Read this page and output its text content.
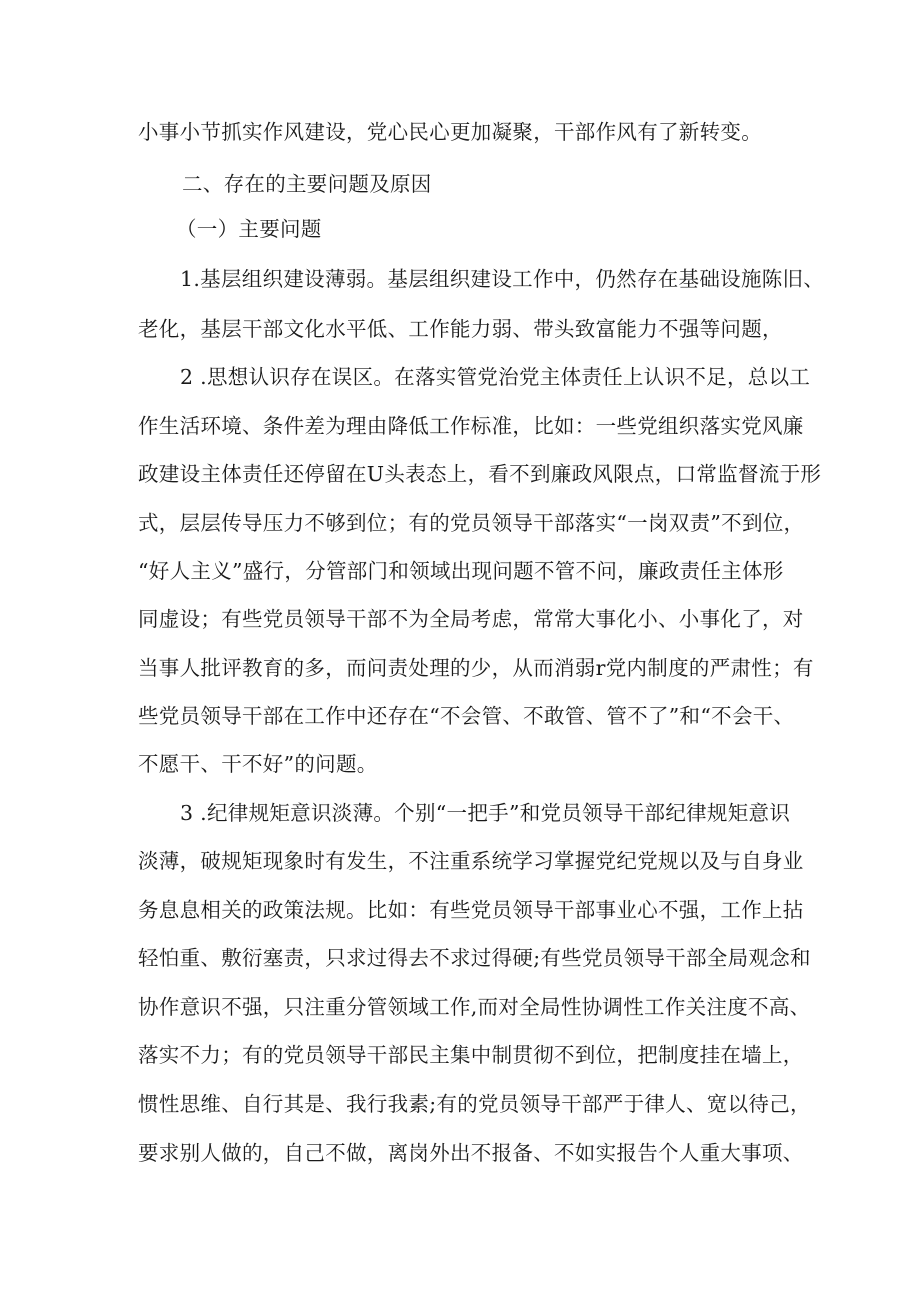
小事小节抓实作风建设，党心民心更加凝聚，干部作风有了新转变。
二、存在的主要问题及原因
（一）主要问题
1.基层组织建设薄弱。基层组织建设工作中，仍然存在基础设施陈旧、
老化，基层干部文化水平低、工作能力弱、带头致富能力不强等问题，
2 .思想认识存在误区。在落实管党治党主体责任上认识不足，总以工
作生活环境、条件差为理由降低工作标准，比如：一些党组织落实党风廉
政建设主体责任还停留在U头表态上，看不到廉政风限点，口常监督流于形
式，层层传导压力不够到位；有的党员领导干部落实“一岗双责”不到位，
“好人主义”盛行，分管部门和领域出现问题不管不问，廉政责任主体形
同虚设；有些党员领导干部不为全局考虑，常常大事化小、小事化了，对
当事人批评教育的多，而问责处理的少，从而消弱r党内制度的严肃性；有
些党员领导干部在工作中还存在“不会管、不敢管、管不了”和“不会干、
不愿干、干不好”的问题。
3 .纪律规矩意识淡薄。个别“一把手”和党员领导干部纪律规矩意识
淡薄，破规矩现象时有发生，不注重系统学习掌握党纪党规以及与自身业
务息息相关的政策法规。比如：有些党员领导干部事业心不强，工作上拈
轻怕重、敷衍塞责，只求过得去不求过得硬;有些党员领导干部全局观念和
协作意识不强，只注重分管领域工作,而对全局性协调性工作关注度不高、
落实不力；有的党员领导干部民主集中制贯彻不到位，把制度挂在墙上，
惯性思维、自行其是、我行我素;有的党员领导干部严于律人、宽以待己，
要求别人做的，自己不做，离岗外出不报备、不如实报告个人重大事项、
